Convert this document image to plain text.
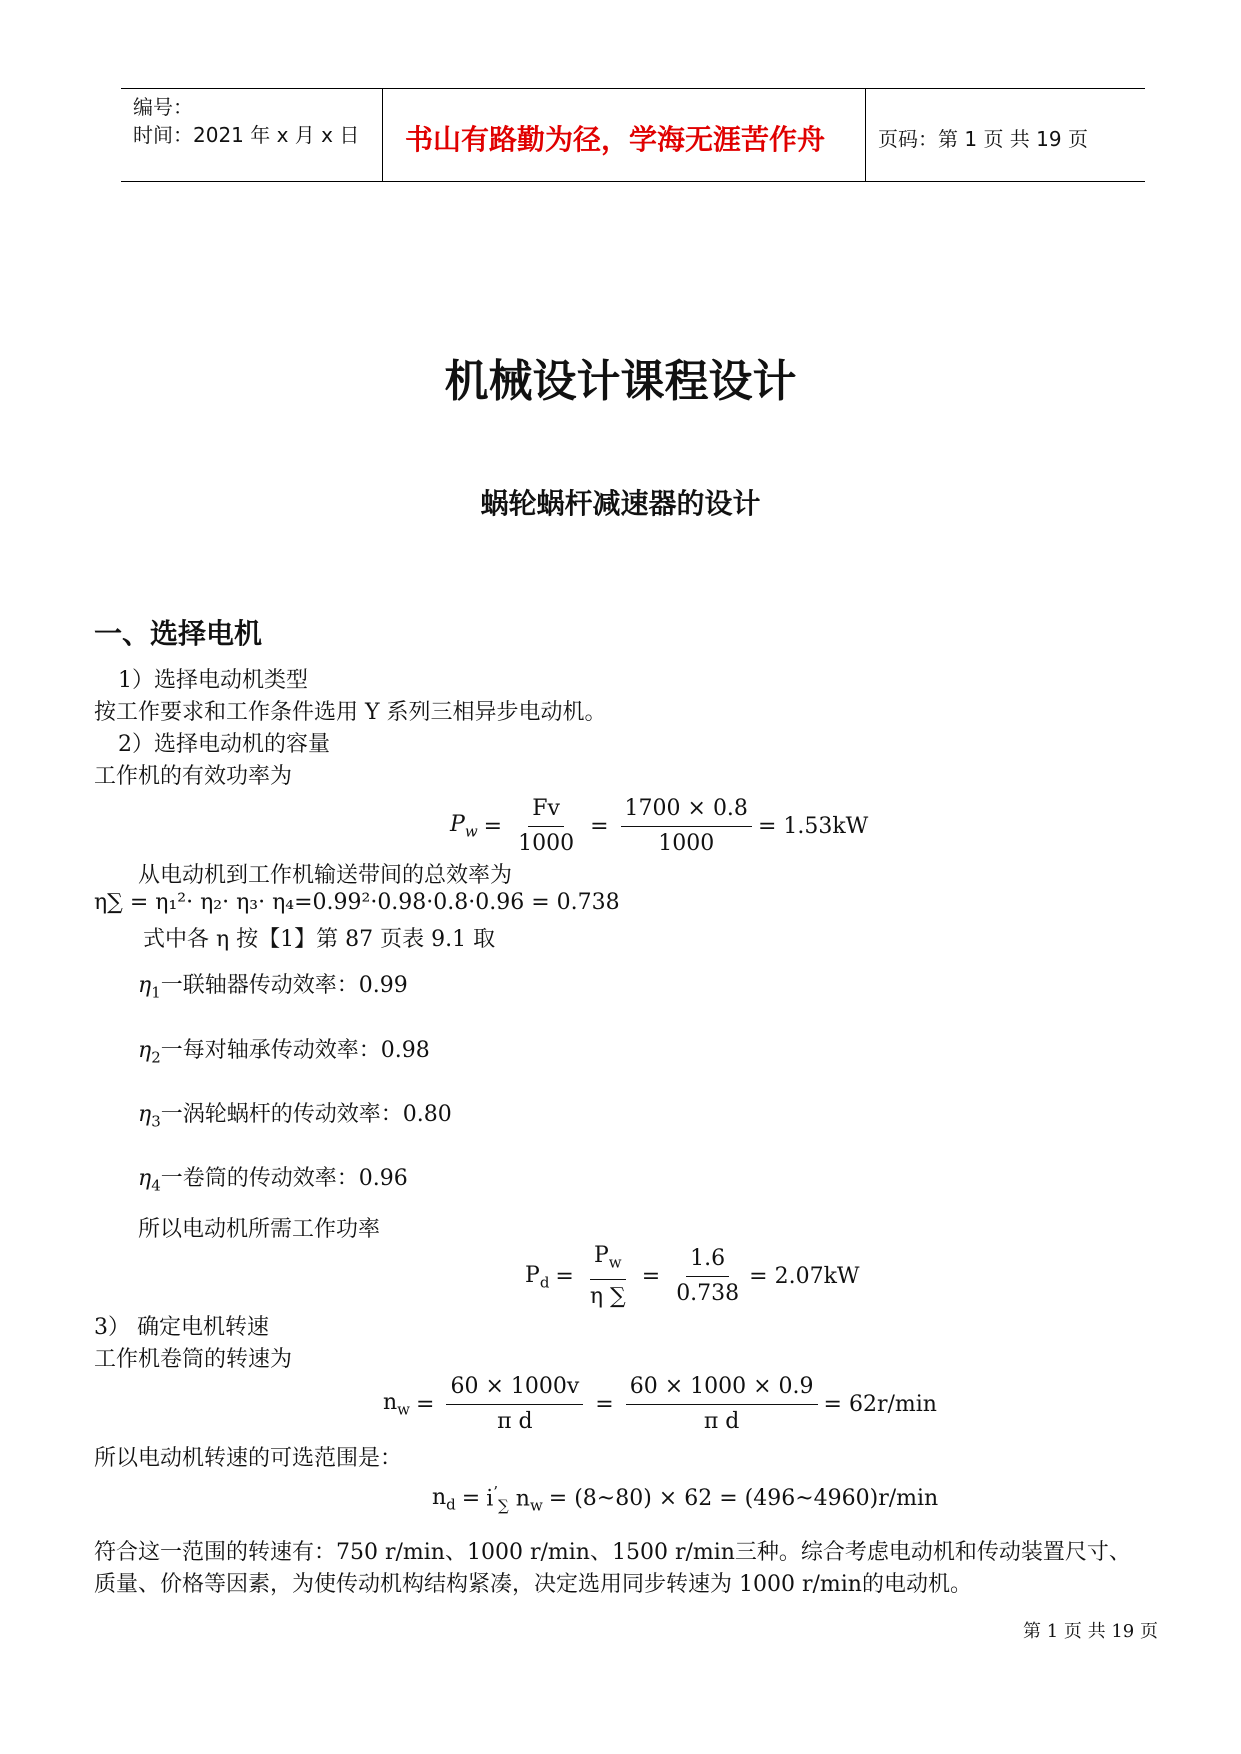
编号：
时间：2021 年 x 月 x 日 书山有路勤为径，学海无涯苦作舟	页码：第 1 页 共 19 页
机械设计课程设计
蜗轮蜗杆减速器的设计
一、选择电机
1）选择电动机类型
按工作要求和工作条件选用 Y 系列三相异步电动机。
2）选择电动机的容量
工作机的有效功率为
$P_w = \frac{Fv}{1000} = \frac{1700 \times 0.8}{1000} = 1.53kW$
从电动机到工作机输送带间的总效率为
η∑ = η₁²· η₂· η₃· η₄=0.99²·0.98·0.8·0.96 = 0.738
式中各 η 按【1】第 87 页表 9.1 取
$\eta_1$一联轴器传动效率：0.99
$\eta_2$一每对轴承传动效率：0.98
$\eta_3$一涡轮蜗杆的传动效率：0.80
$\eta_4$一卷筒的传动效率：0.96
所以电动机所需工作功率
$P_d = \frac{P_w}{\eta \sum} = \frac{1.6}{0.738} = 2.07kW$
3） 确定电机转速
工作机卷筒的转速为
$n_w = \frac{60 \times 1000v}{\text{π d}} = \frac{60 \times 1000 \times 0.9}{\text{π d}} = 62r/\min$
所以电动机转速的可选范围是：
$n_d = i^’_\sum$ $n_w$ = (8~80) × 62 = (496~4960)r/min
符合这一范围的转速有：750 r/min、1000 r/min、1500 r/min三种。综合考虑电动机和传动装置尺寸、
质量、价格等因素，为使传动机构结构紧凑，决定选用同步转速为 1000 r/min的电动机。
第 1 页 共 19 页
